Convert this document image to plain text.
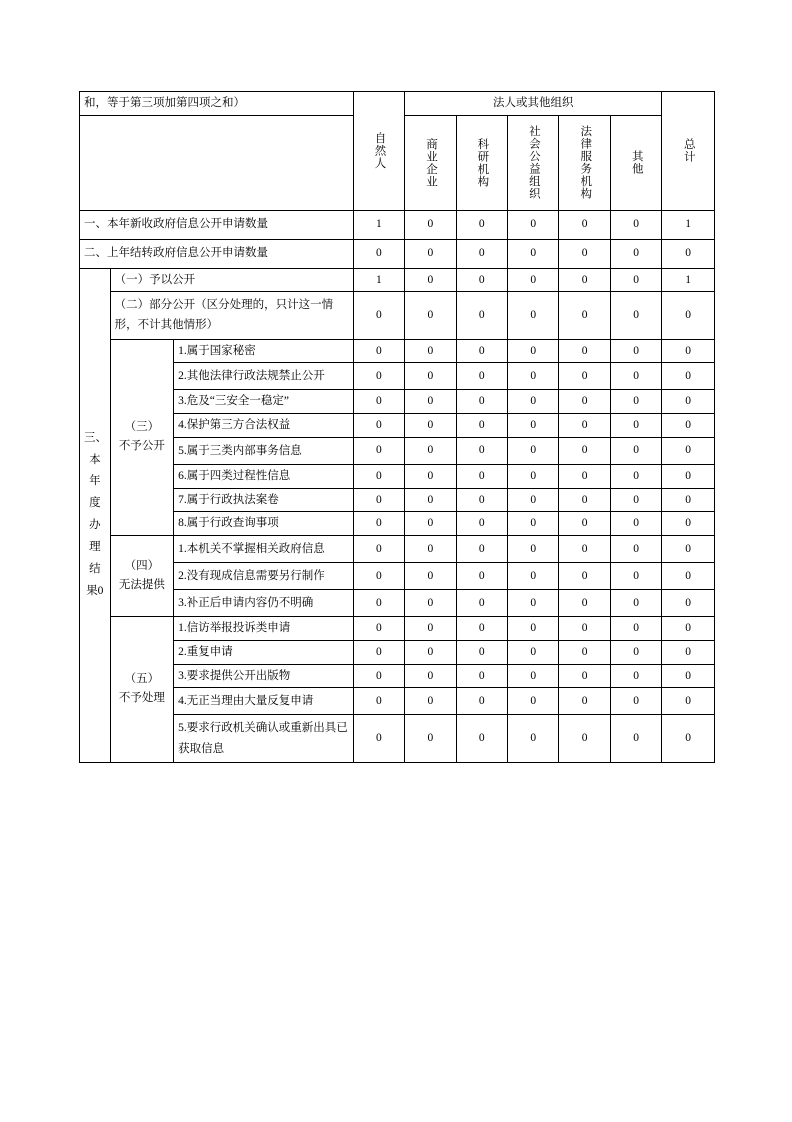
和，等于第三项加第四项之和）			自然人	法人或其他组织					总计

				商业企业	科研机构	社会公益组织	法律服务机构	其他	

一、本年新收政府信息公开申请数量			1	0	0	0	0	0	1
二、上年结转政府信息公开申请数量			0	0	0	0	0	0	0
三、本年度办理结果0	（一）予以公开		1	0	0	0	0	0	1
	（二）部分公开（区分处理的，只计这一情形，不计其他情形）		0	0	0	0	0	0	0

	（三）
不予公开	1.属于国家秘密	0	0	0	0	0	0	0
		2.其他法律行政法规禁止公开	0	0	0	0	0	0	0
		3.危及“三安全一稳定”	0	0	0	0	0	0	0
		4.保护第三方合法权益	0	0	0	0	0	0	0
		5.属于三类内部事务信息	0	0	0	0	0	0	0
		6.属于四类过程性信息	0	0	0	0	0	0	0
		7.属于行政执法案卷	0	0	0	0	0	0	0
		8.属于行政查询事项	0	0	0	0	0	0	0

	（四）
无法提供	1.本机关不掌握相关政府信息	0	0	0	0	0	0	0
		2.没有现成信息需要另行制作	0	0	0	0	0	0	0
		3.补正后申请内容仍不明确	0	0	0	0	0	0	0

	（五）
不予处理	1.信访举报投诉类申请	0	0	0	0	0	0	0
		2.重复申请	0	0	0	0	0	0	0
		3.要求提供公开出版物	0	0	0	0	0	0	0
		4.无正当理由大量反复申请	0	0	0	0	0	0	0
		5.要求行政机关确认或重新出具已获取信息	0	0	0	0	0	0	0
